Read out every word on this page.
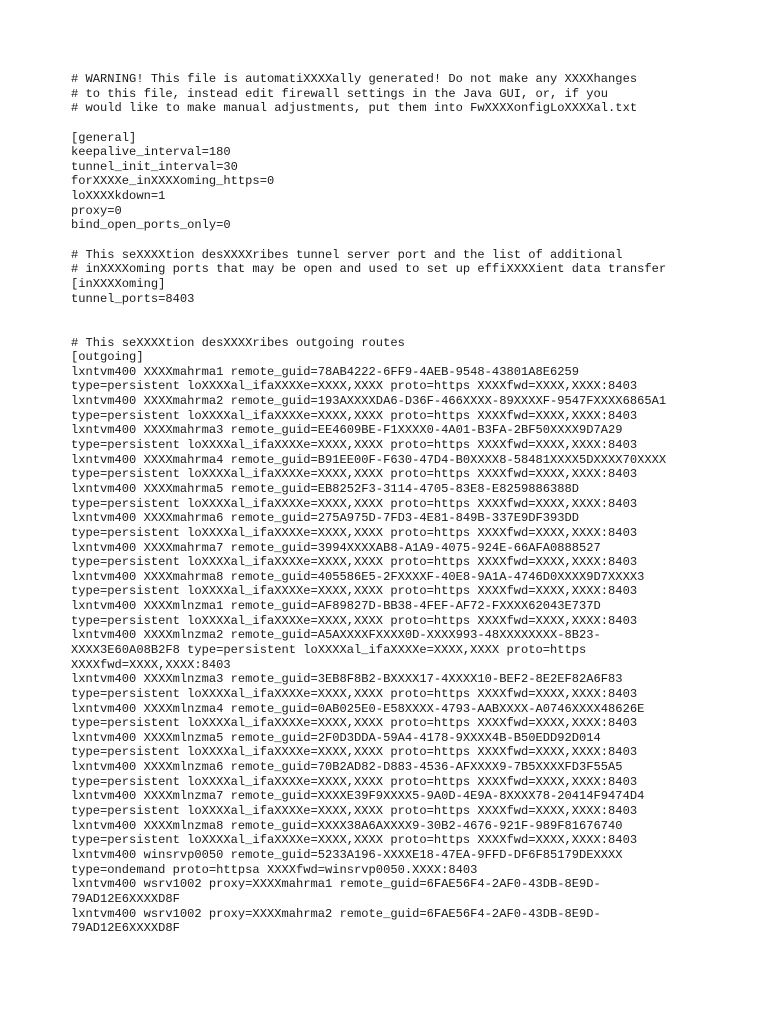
# WARNING! This file is automatiXXXXally generated! Do not make any XXXXhanges
# to this file, instead edit firewall settings in the Java GUI, or, if you
# would like to make manual adjustments, put them into FwXXXXonfigLoXXXXal.txt
[general]
keepalive_interval=180
tunnel_init_interval=30
forXXXXe_inXXXXoming_https=0
loXXXXkdown=1
proxy=0
bind_open_ports_only=0
# This seXXXXtion desXXXXribes tunnel server port and the list of additional
# inXXXXoming ports that may be open and used to set up effiXXXXient data transfer
[inXXXXoming]
tunnel_ports=8403
# This seXXXXtion desXXXXribes outgoing routes
[outgoing]
lxntvm400 XXXXmahrma1 remote_guid=78AB4222-6FF9-4AEB-9548-43801A8E6259
type=persistent loXXXXal_ifaXXXXe=XXXX,XXXX proto=https XXXXfwd=XXXX,XXXX:8403
lxntvm400 XXXXmahrma2 remote_guid=193AXXXXDA6-D36F-466XXXX-89XXXXF-9547FXXXX6865A1
type=persistent loXXXXal_ifaXXXXe=XXXX,XXXX proto=https XXXXfwd=XXXX,XXXX:8403
lxntvm400 XXXXmahrma3 remote_guid=EE4609BE-F1XXXX0-4A01-B3FA-2BF50XXXX9D7A29
type=persistent loXXXXal_ifaXXXXe=XXXX,XXXX proto=https XXXXfwd=XXXX,XXXX:8403
lxntvm400 XXXXmahrma4 remote_guid=B91EE00F-F630-47D4-B0XXXX8-58481XXXX5DXXXX70XXXX
type=persistent loXXXXal_ifaXXXXe=XXXX,XXXX proto=https XXXXfwd=XXXX,XXXX:8403
lxntvm400 XXXXmahrma5 remote_guid=EB8252F3-3114-4705-83E8-E8259886388D
type=persistent loXXXXal_ifaXXXXe=XXXX,XXXX proto=https XXXXfwd=XXXX,XXXX:8403
lxntvm400 XXXXmahrma6 remote_guid=275A975D-7FD3-4E81-849B-337E9DF393DD
type=persistent loXXXXal_ifaXXXXe=XXXX,XXXX proto=https XXXXfwd=XXXX,XXXX:8403
lxntvm400 XXXXmahrma7 remote_guid=3994XXXXAB8-A1A9-4075-924E-66AFA0888527
type=persistent loXXXXal_ifaXXXXe=XXXX,XXXX proto=https XXXXfwd=XXXX,XXXX:8403
lxntvm400 XXXXmahrma8 remote_guid=405586E5-2FXXXXF-40E8-9A1A-4746D0XXXX9D7XXXX3
type=persistent loXXXXal_ifaXXXXe=XXXX,XXXX proto=https XXXXfwd=XXXX,XXXX:8403
lxntvm400 XXXXmlnzma1 remote_guid=AF89827D-BB38-4FEF-AF72-FXXXX62043E737D
type=persistent loXXXXal_ifaXXXXe=XXXX,XXXX proto=https XXXXfwd=XXXX,XXXX:8403
lxntvm400 XXXXmlnzma2 remote_guid=A5AXXXXFXXXX0D-XXXX993-48XXXXXXXX-8B23-
XXXX3E60A08B2F8 type=persistent loXXXXal_ifaXXXXe=XXXX,XXXX proto=https
XXXXfwd=XXXX,XXXX:8403
lxntvm400 XXXXmlnzma3 remote_guid=3EB8F8B2-BXXXX17-4XXXX10-BEF2-8E2EF82A6F83
type=persistent loXXXXal_ifaXXXXe=XXXX,XXXX proto=https XXXXfwd=XXXX,XXXX:8403
lxntvm400 XXXXmlnzma4 remote_guid=0AB025E0-E58XXXX-4793-AABXXXX-A0746XXXX48626E
type=persistent loXXXXal_ifaXXXXe=XXXX,XXXX proto=https XXXXfwd=XXXX,XXXX:8403
lxntvm400 XXXXmlnzma5 remote_guid=2F0D3DDA-59A4-4178-9XXXX4B-B50EDD92D014
type=persistent loXXXXal_ifaXXXXe=XXXX,XXXX proto=https XXXXfwd=XXXX,XXXX:8403
lxntvm400 XXXXmlnzma6 remote_guid=70B2AD82-D883-4536-AFXXXX9-7B5XXXXFD3F55A5
type=persistent loXXXXal_ifaXXXXe=XXXX,XXXX proto=https XXXXfwd=XXXX,XXXX:8403
lxntvm400 XXXXmlnzma7 remote_guid=XXXXE39F9XXXX5-9A0D-4E9A-8XXXX78-20414F9474D4
type=persistent loXXXXal_ifaXXXXe=XXXX,XXXX proto=https XXXXfwd=XXXX,XXXX:8403
lxntvm400 XXXXmlnzma8 remote_guid=XXXX38A6AXXXX9-30B2-4676-921F-989F81676740
type=persistent loXXXXal_ifaXXXXe=XXXX,XXXX proto=https XXXXfwd=XXXX,XXXX:8403
lxntvm400 winsrvp0050 remote_guid=5233A196-XXXXE18-47EA-9FFD-DF6F85179DEXXXX
type=ondemand proto=httpsa XXXXfwd=winsrvp0050.XXXX:8403
lxntvm400 wsrv1002 proxy=XXXXmahrma1 remote_guid=6FAE56F4-2AF0-43DB-8E9D-
79AD12E6XXXXD8F
lxntvm400 wsrv1002 proxy=XXXXmahrma2 remote_guid=6FAE56F4-2AF0-43DB-8E9D-
79AD12E6XXXXD8F
